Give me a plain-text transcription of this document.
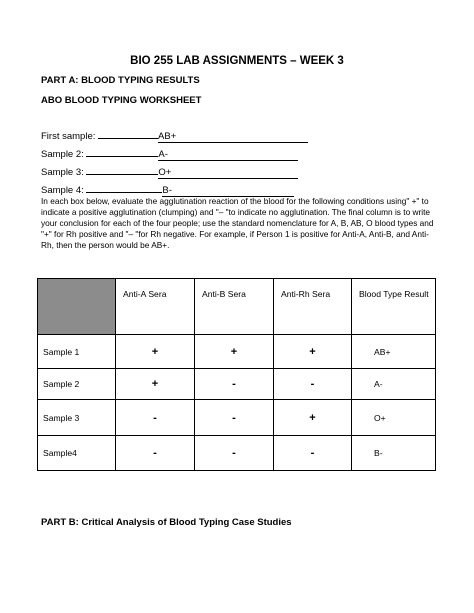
BIO 255 LAB ASSIGNMENTS – WEEK 3
PART A: BLOOD TYPING RESULTS
ABO BLOOD TYPING WORKSHEET
First sample:	AB+
Sample 2:	A-
Sample 3:	O+
Sample 4:	B-
In each box below, evaluate the agglutination reaction of the blood for the following conditions using" +" to indicate a positive agglutination (clumping) and "– "to indicate no agglutination. The final column is to write your conclusion for each of the four people; use the standard nomenclature for A, B, AB, O blood types and "+" for Rh positive and "– "for Rh negative. For example, if Person 1 is positive for Anti-A, Anti-B, and Anti-Rh, then the person would be AB+.
	Anti-A Sera	Anti-B Sera	Anti-Rh Sera	Blood Type Result
Sample 1	+	+	+	AB+
Sample 2	+	-	-	A-
Sample 3	-	-	+	O+
Sample4	-	-	-	B-
PART B: Critical Analysis of Blood Typing Case Studies
